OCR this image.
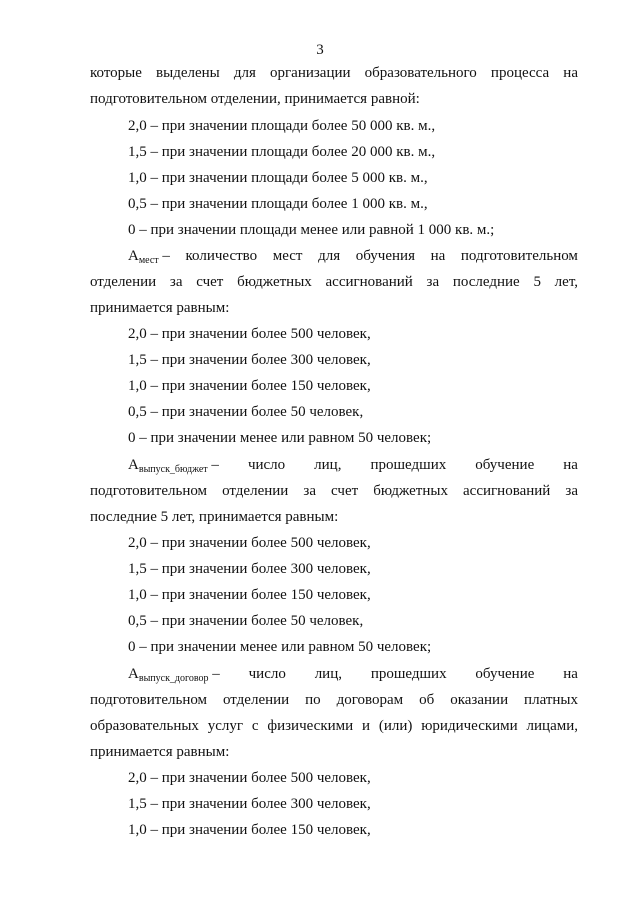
3
которые выделены для организации образовательного процесса на
подготовительном отделении, принимается равной:
2,0 – при значении площади более 50 000 кв. м.,
1,5 – при значении площади более 20 000 кв. м.,
1,0 – при значении площади более 5 000 кв. м.,
0,5 – при значении площади более 1 000 кв. м.,
0 – при значении площади менее или равной 1 000 кв. м.;
$А_{мест}$ – количество мест для обучения на подготовительном
отделении за счет бюджетных ассигнований за последние 5 лет,
принимается равным:
2,0 – при значении более 500 человек,
1,5 – при значении более 300 человек,
1,0 – при значении более 150 человек,
0,5 – при значении более 50 человек,
0 – при значении менее или равном 50 человек;
$А_{выпуск\_бюджет}$ – число лиц, прошедших обучение на
подготовительном отделении за счет бюджетных ассигнований за
последние 5 лет, принимается равным:
2,0 – при значении более 500 человек,
1,5 – при значении более 300 человек,
1,0 – при значении более 150 человек,
0,5 – при значении более 50 человек,
0 – при значении менее или равном 50 человек;
$А_{выпуск\_договор}$ – число лиц, прошедших обучение на
подготовительном отделении по договорам об оказании платных
образовательных услуг с физическими и (или) юридическими лицами,
принимается равным:
2,0 – при значении более 500 человек,
1,5 – при значении более 300 человек,
1,0 – при значении более 150 человек,
